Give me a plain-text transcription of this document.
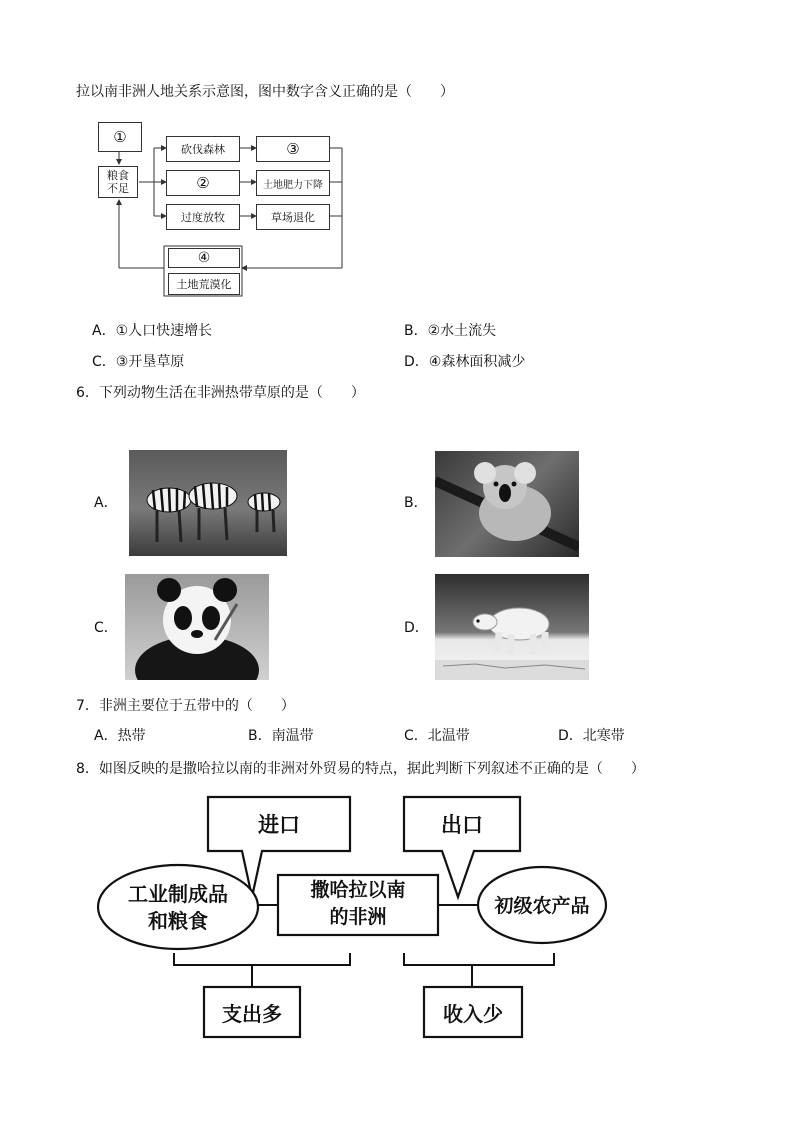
拉以南非洲人地关系示意图，图中数字含义正确的是（　　）
①
粮食不足
砍伐森林	③
②	土地肥力下降
过度放牧	草场退化
④
土地荒漠化
A．①人口快速增长	B．②水土流失
C．③开垦草原	D．④森林面积减少
6．下列动物生活在非洲热带草原的是（　　）
A．	B．
C．	D．
7．非洲主要位于五带中的（　　）
A．热带	B．南温带	C．北温带	D．北寒带
8．如图反映的是撒哈拉以南的非洲对外贸易的特点，据此判断下列叙述不正确的是（　　）
进口	出口
工业制成品
和粮食
撒哈拉以南
的非洲	初级农产品
支出多	收入少
